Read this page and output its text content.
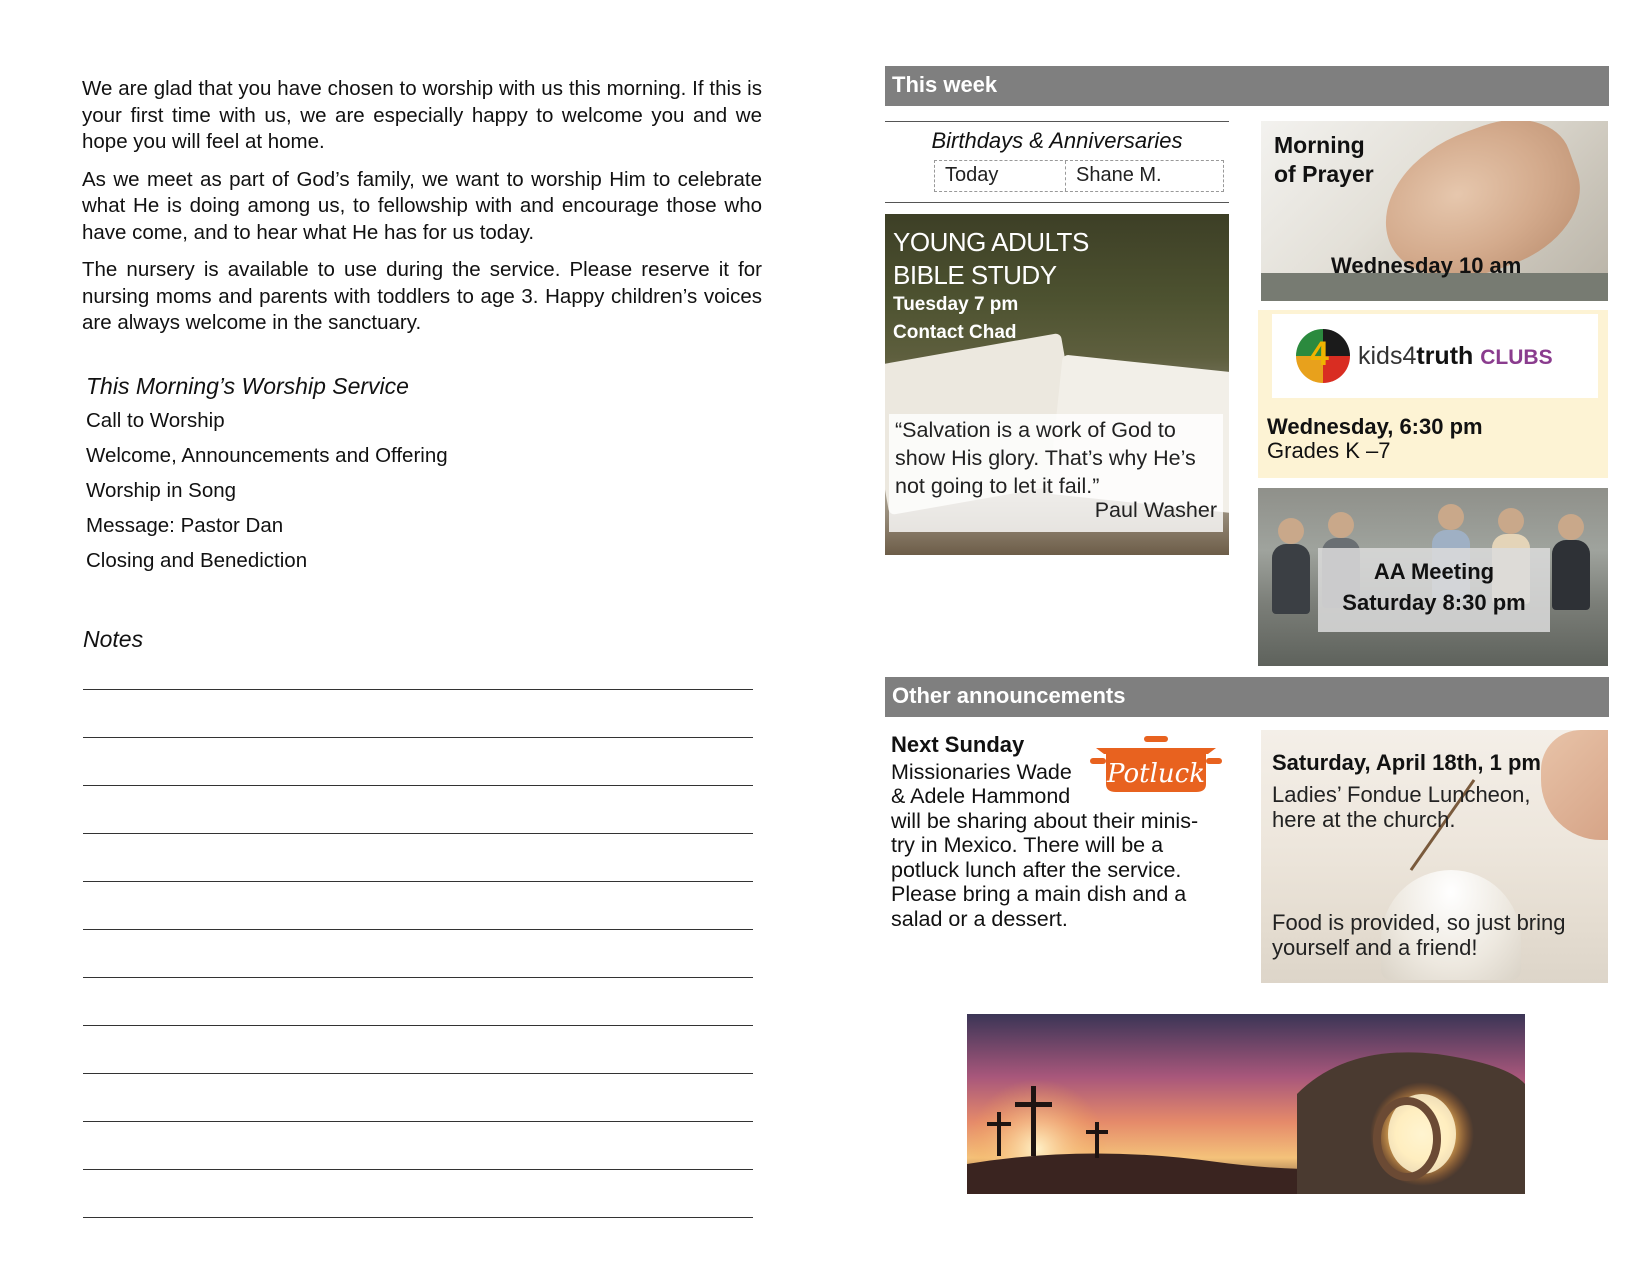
We are glad that you have chosen to worship with us this morning. If this is your first time with us, we are especially happy to welcome you and we hope you will feel at home.

As we meet as part of God’s family, we want to worship Him to celebrate what He is doing among us, to fellowship with and encourage those who have come, and to hear what He has for us today.

The nursery is available to use during the service. Please reserve it for nursing moms and parents with toddlers to age 3. Happy children’s voices are always welcome in the sanctuary.

This Morning’s Worship Service
Call to Worship
Welcome, Announcements and Offering
Worship in Song
Message: Pastor Dan
Closing and Benediction
Notes
This week
Birthdays & Anniversaries
Today	Shane M.
YOUNG ADULTS
BIBLE STUDY
Tuesday 7 pm
Contact Chad
“Salvation is a work of God to show His glory. That’s why He’s not going to let it fail.”
Paul Washer
Morning
of Prayer
Wednesday 10 am
4 kids4truth CLUBS
Wednesday, 6:30 pm
Grades K –7
AA Meeting
Saturday 8:30 pm
Other announcements
Next Sunday
Missionaries Wade
& Adele Hammond
will be sharing about their minis-
try in Mexico. There will be a
potluck lunch after the service.
Please bring a main dish and a
salad or a dessert.
Potluck	Saturday, April 18th, 1 pm
Ladies’ Fondue Luncheon,
here at the church.
Food is provided, so just bring
yourself and a friend!
